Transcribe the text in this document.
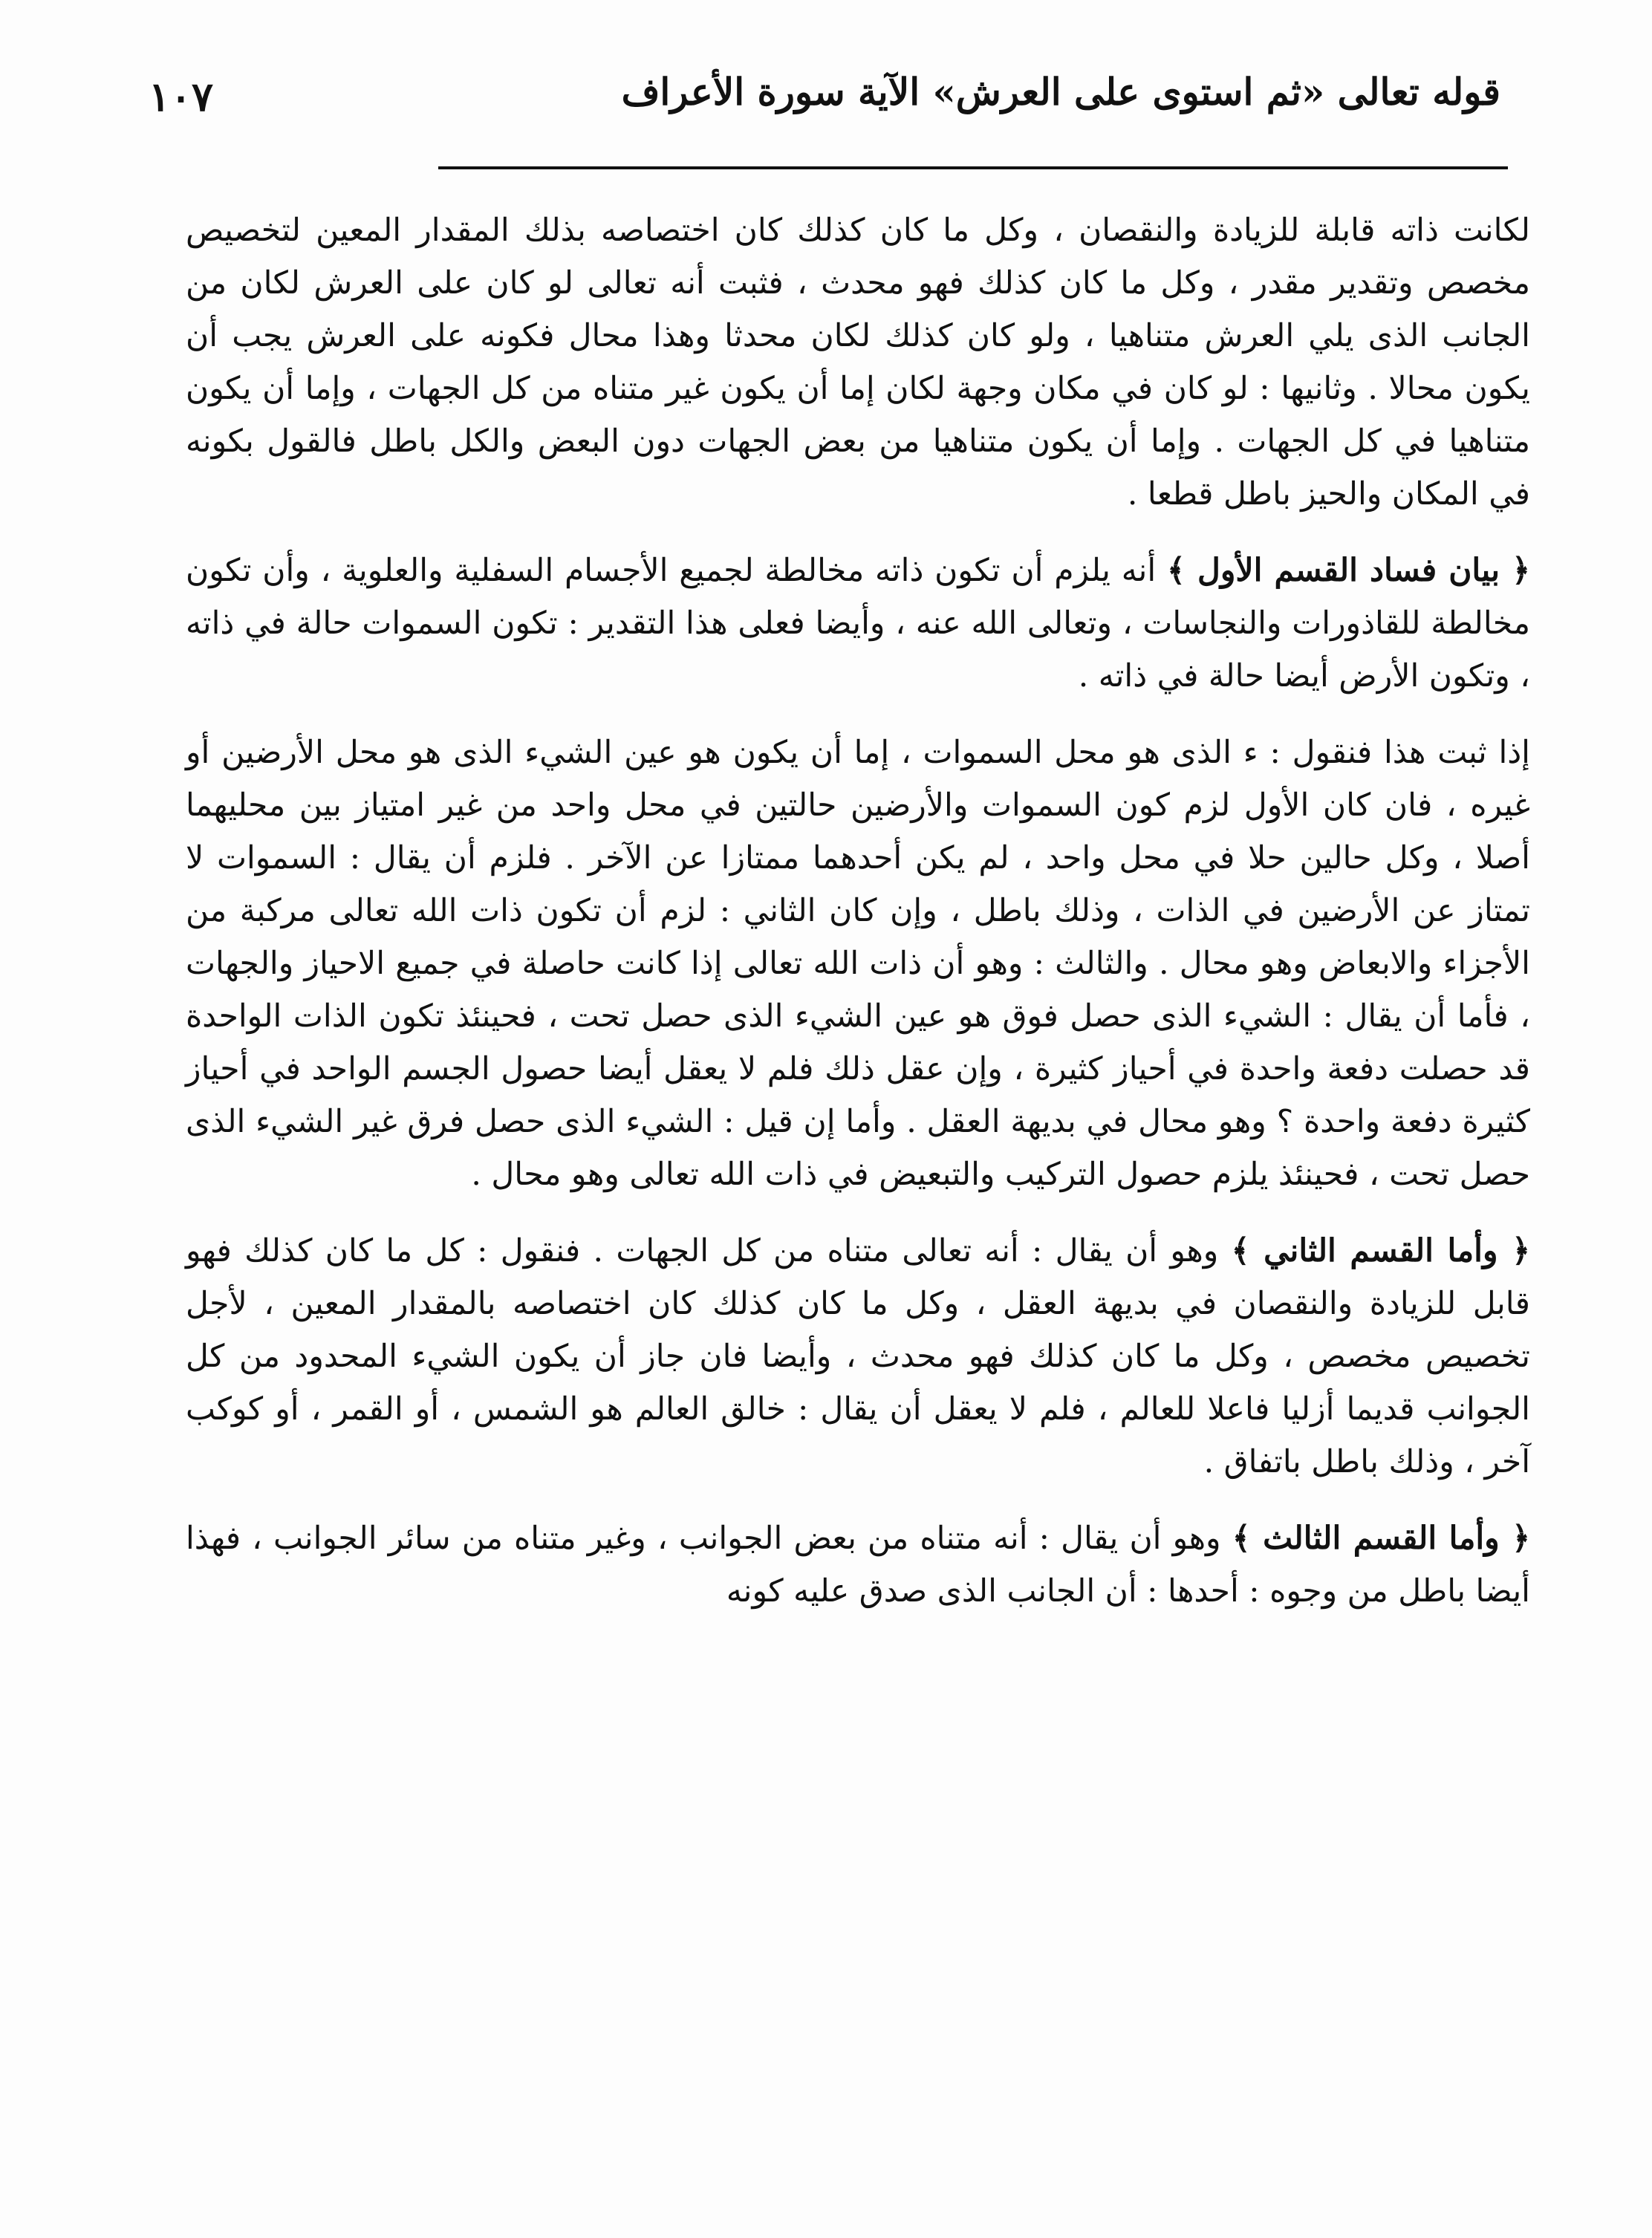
قوله تعالى «ثم استوى على العرش» الآية سورة الأعراف
١٠٧

لكانت ذاته قابلة للزيادة والنقصان ، وكل ما كان كذلك كان اختصاصه بذلك المقدار المعين لتخصيص مخصص وتقدير مقدر ، وكل ما كان كذلك فهو محدث ، فثبت أنه تعالى لو كان على العرش لكان من الجانب الذى يلي العرش متناهيا ، ولو كان كذلك لكان محدثا وهذا محال فكونه على العرش يجب أن يكون محالا . وثانيها : لو كان في مكان وجهة لكان إما أن يكون غير متناه من كل الجهات ، وإما أن يكون متناهيا في كل الجهات . وإما أن يكون متناهيا من بعض الجهات دون البعض والكل باطل فالقول بكونه في المكان والحيز باطل قطعا .

﴿ بيان فساد القسم الأول ﴾ أنه يلزم أن تكون ذاته مخالطة لجميع الأجسام السفلية والعلوية ، وأن تكون مخالطة للقاذورات والنجاسات ، وتعالى الله عنه ، وأيضا فعلى هذا التقدير : تكون السموات حالة في ذاته ، وتكون الأرض أيضا حالة في ذاته .

إذا ثبت هذا فنقول : ء الذى هو محل السموات ، إما أن يكون هو عين الشيء الذى هو محل الأرضين أو غيره ، فان كان الأول لزم كون السموات والأرضين حالتين في محل واحد من غير امتياز بين محليهما أصلا ، وكل حالين حلا في محل واحد ، لم يكن أحدهما ممتازا عن الآخر . فلزم أن يقال : السموات لا تمتاز عن الأرضين في الذات ، وذلك باطل ، وإن كان الثاني : لزم أن تكون ذات الله تعالى مركبة من الأجزاء والابعاض وهو محال . والثالث : وهو أن ذات الله تعالى إذا كانت حاصلة في جميع الاحياز والجهات ، فأما أن يقال : الشيء الذى حصل فوق هو عين الشيء الذى حصل تحت ، فحينئذ تكون الذات الواحدة قد حصلت دفعة واحدة في أحياز كثيرة ، وإن عقل ذلك فلم لا يعقل أيضا حصول الجسم الواحد في أحياز كثيرة دفعة واحدة ؟ وهو محال في بديهة العقل . وأما إن قيل : الشيء الذى حصل فرق غير الشيء الذى حصل تحت ، فحينئذ يلزم حصول التركيب والتبعيض في ذات الله تعالى وهو محال .

﴿ وأما القسم الثاني ﴾ وهو أن يقال : أنه تعالى متناه من كل الجهات . فنقول : كل ما كان كذلك فهو قابل للزيادة والنقصان في بديهة العقل ، وكل ما كان كذلك كان اختصاصه بالمقدار المعين ، لأجل تخصيص مخصص ، وكل ما كان كذلك فهو محدث ، وأيضا فان جاز أن يكون الشيء المحدود من كل الجوانب قديما أزليا فاعلا للعالم ، فلم لا يعقل أن يقال : خالق العالم هو الشمس ، أو القمر ، أو كوكب آخر ، وذلك باطل باتفاق .

﴿ وأما القسم الثالث ﴾ وهو أن يقال : أنه متناه من بعض الجوانب ، وغير متناه من سائر الجوانب ، فهذا أيضا باطل من وجوه : أحدها : أن الجانب الذى صدق عليه كونه
